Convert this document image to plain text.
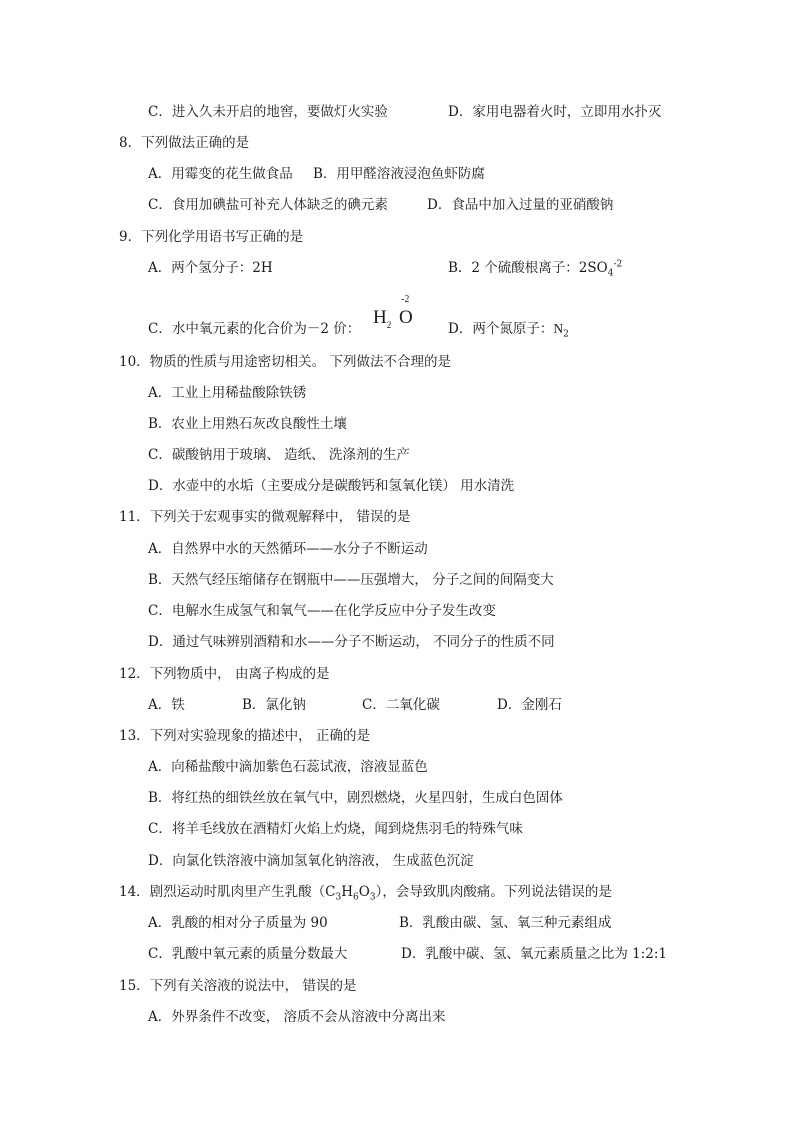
C．进入久未开启的地窖，要做灯火实验	D．家用电器着火时，立即用水扑灭
8．下列做法正确的是
A．用霉变的花生做食品 B．用甲醛溶液浸泡鱼虾防腐
C．食用加碘盐可补充人体缺乏的碘元素	D．食品中加入过量的亚硝酸钠
9．下列化学用语书写正确的是
A．两个氢分子：2H	B．2 个硫酸根离子：$2SO_4^{-2}$
C．水中氧元素的化合价为－2 价：
$H_2$
-2
O
D．两个氮原子：$N_2$
10．物质的性质与用途密切相关。 下列做法不合理的是
A．工业上用稀盐酸除铁锈
B．农业上用熟石灰改良酸性土壤
C．碳酸钠用于玻璃、 造纸、 洗涤剂的生产
D．水壶中的水垢（主要成分是碳酸钙和氢氧化镁） 用水清洗
11．下列关于宏观事实的微观解释中， 错误的是
A．自然界中水的天然循环——水分子不断运动
B．天然气经压缩储存在钢瓶中——压强增大， 分子之间的间隔变大
C．电解水生成氢气和氧气——在化学反应中分子发生改变
D．通过气味辨别酒精和水——分子不断运动， 不同分子的性质不同
12．下列物质中， 由离子构成的是
A．铁	B．氯化钠	C．二氧化碳	D．金刚石
13．下列对实验现象的描述中， 正确的是
A．向稀盐酸中滴加紫色石蕊试液，溶液显蓝色
B．将红热的细铁丝放在氧气中，剧烈燃烧，火星四射，生成白色固体
C．将羊毛线放在酒精灯火焰上灼烧，闻到烧焦羽毛的特殊气味
D．向氯化铁溶液中滴加氢氧化钠溶液， 生成蓝色沉淀
14．剧烈运动时肌肉里产生乳酸$(C_3H_6O_3)$，会导致肌肉酸痛。下列说法错误的是
A．乳酸的相对分子质量为 90	B．乳酸由碳、氢、氧三种元素组成
C．乳酸中氧元素的质量分数最大	D．乳酸中碳、氢、氧元素质量之比为 1:2:1
15．下列有关溶液的说法中， 错误的是
A．外界条件不改变， 溶质不会从溶液中分离出来
